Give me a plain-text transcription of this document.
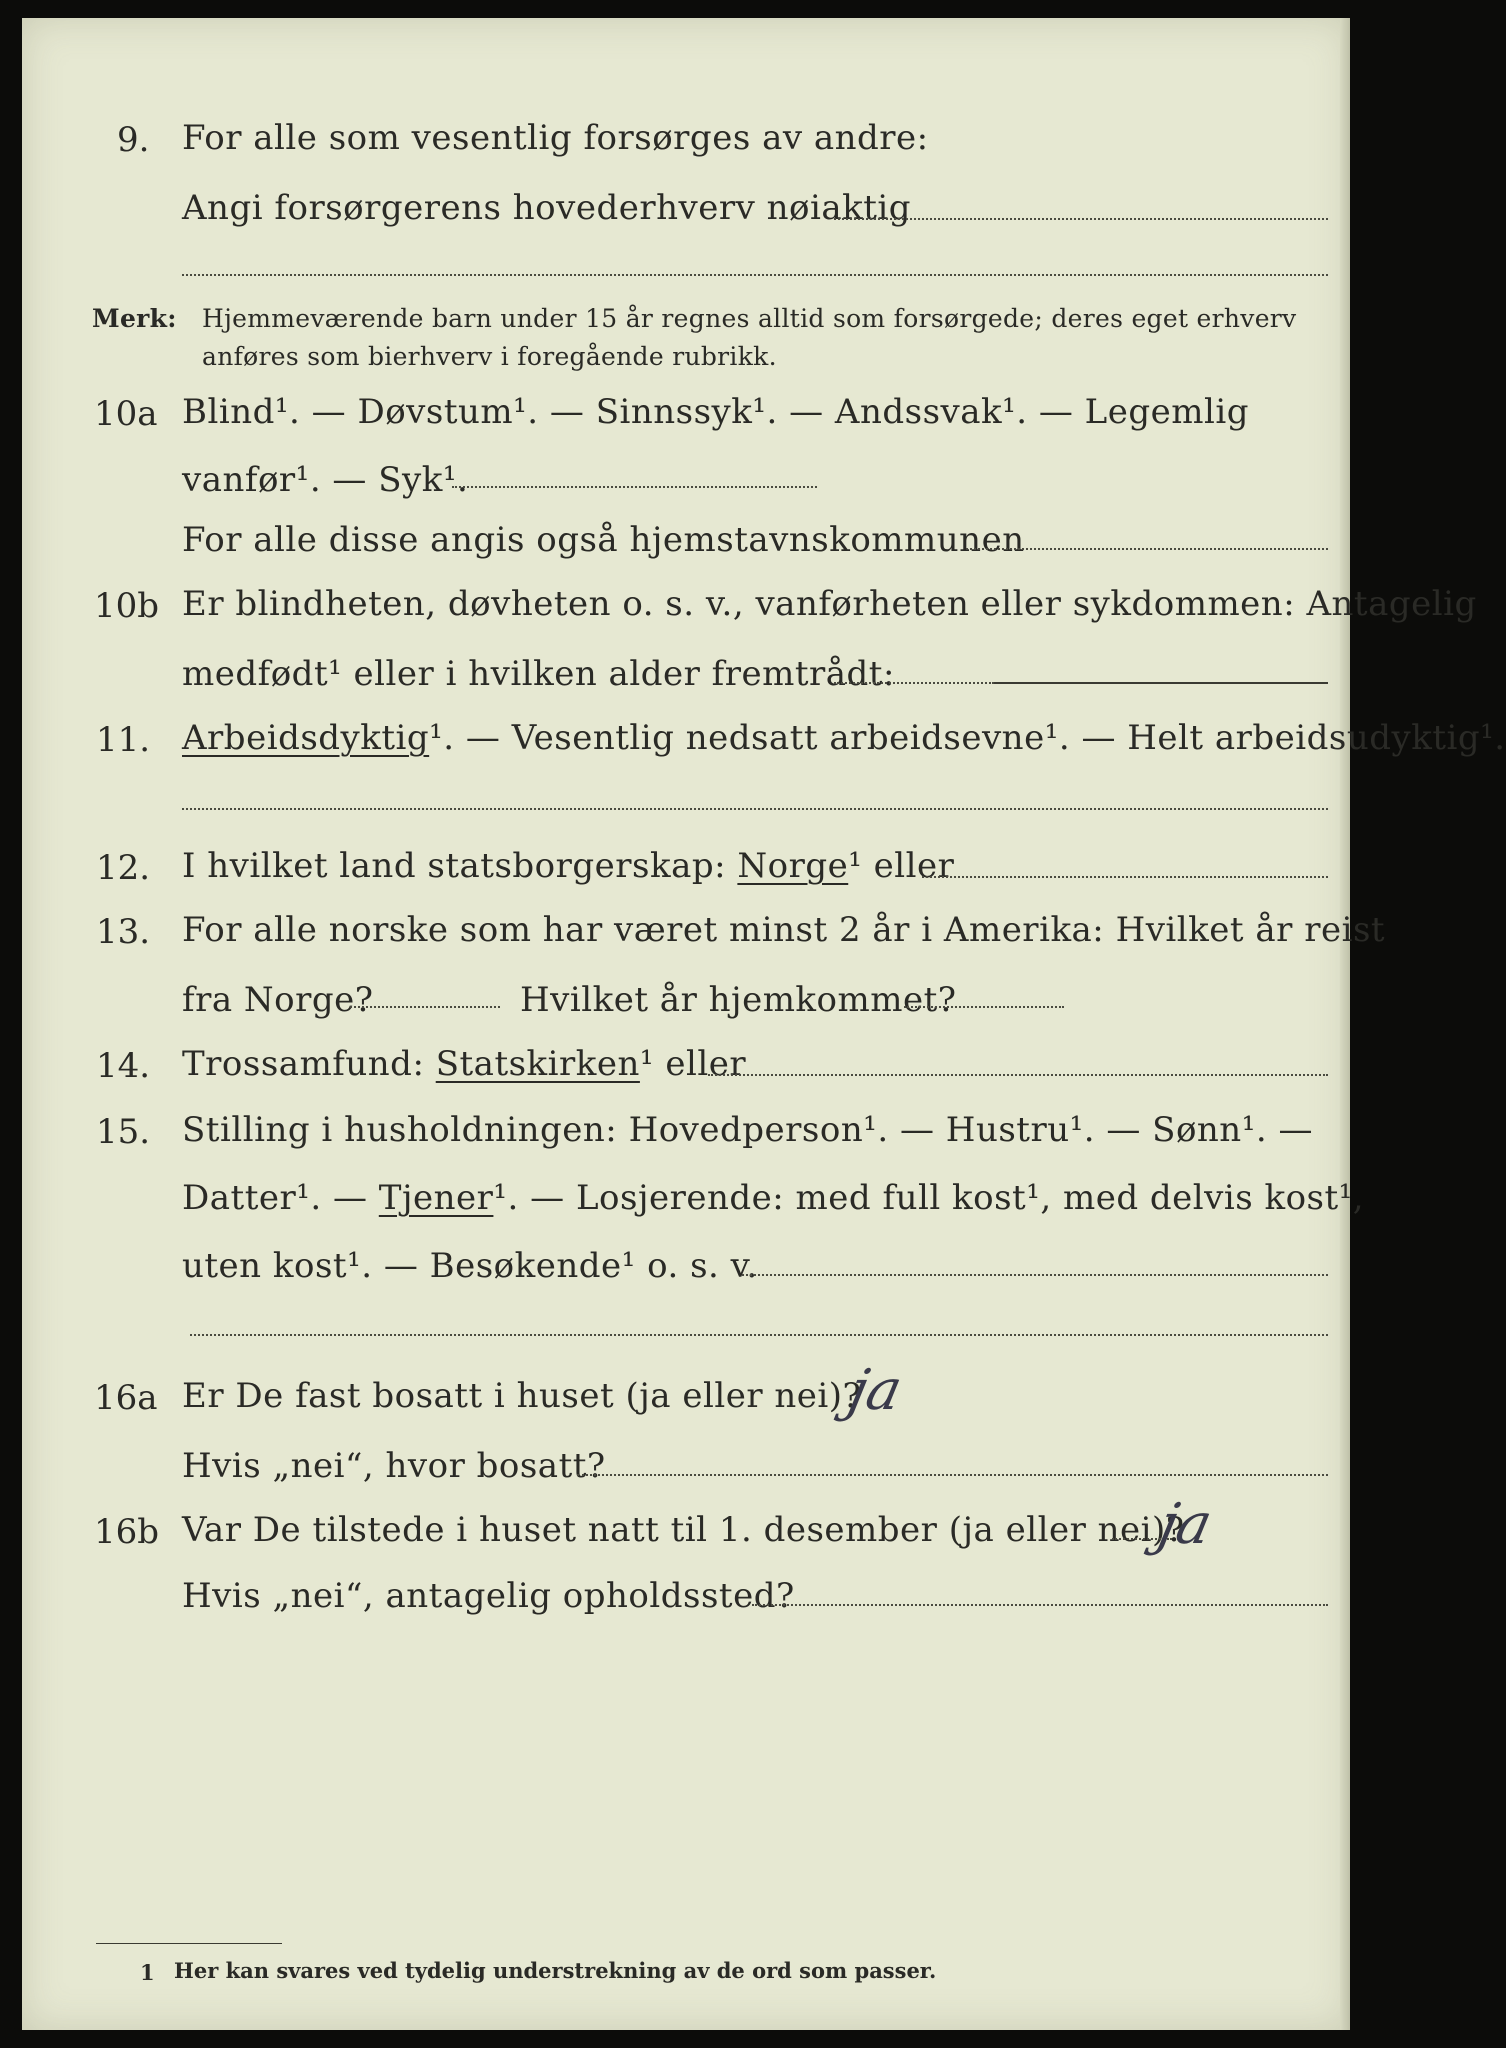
9. For alle som vesentlig forsørges av andre:
Angi forsørgerens hovederhverv nøiaktig
Merk: Hjemmeværende barn under 15 år regnes alltid som forsørgede; deres eget erhverv
anføres som bierhverv i foregående rubrikk.
10a Blind¹. — Døvstum¹. — Sinnssyk¹. — Andssvak¹. — Legemlig
vanfør¹. — Syk¹.
For alle disse angis også hjemstavnskommunen
10b Er blindheten, døvheten o. s. v., vanførheten eller sykdommen: Antagelig
medfødt¹ eller i hvilken alder fremtrådt:
11. Arbeidsdyktig¹. — Vesentlig nedsatt arbeidsevne¹. — Helt arbeidsudyktig¹.
12. I hvilket land statsborgerskap: Norge¹ eller
13. For alle norske som har været minst 2 år i Amerika: Hvilket år reist
fra Norge?	Hvilket år hjemkommet?
14. Trossamfund: Statskirken¹ eller
15. Stilling i husholdningen: Hovedperson¹. — Hustru¹. — Sønn¹. —
Datter¹. — Tjener¹. — Losjerende: med full kost¹, med delvis kost¹,
uten kost¹. — Besøkende¹ o. s. v.
16a Er De fast bosatt i huset (ja eller nei)?
ja
Hvis „nei“, hvor bosatt?
16b Var De tilstede i huset natt til 1. desember (ja eller nei)?
ja
Hvis „nei“, antagelig opholdssted?
1 Her kan svares ved tydelig understrekning av de ord som passer.
